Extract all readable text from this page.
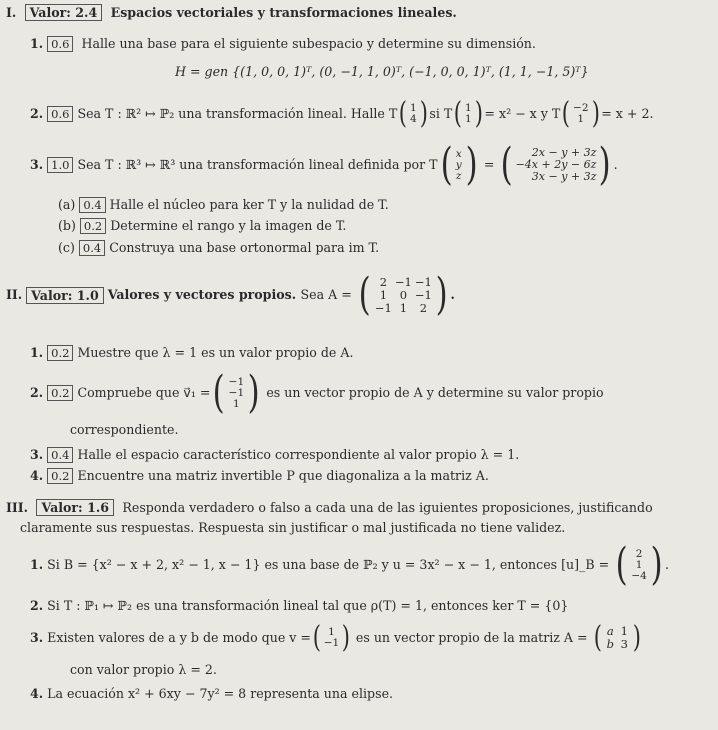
I. Valor: 2.4 Espacios vectoriales y transformaciones lineales.
1. 0.6 Halle una base para el siguiente subespacio y determine su dimensión.
H = gen {(1, 0, 0, 1)ᵀ, (0, −1, 1, 0)ᵀ, (−1, 0, 0, 1)ᵀ, (1, 1, −1, 5)ᵀ}
2.
0.6 Sea T : ℝ² ↦ ℙ₂ una transformación lineal. Halle T ( 1
4 ) si T ( 1
1 ) = x² − x y T ( −2
1 ) = x + 2.
3.
1.0 Sea T : ℝ³ ↦ ℝ³ una transformación lineal definida por T ( x
y
z ) = ( 2x − y + 3z
−4x + 2y − 6z
3x − y + 3z ) .
(a) 0.4 Halle el núcleo para ker T y la nulidad de T.
(b) 0.2 Determine el rango y la imagen de T.
(c) 0.4 Construya una base ortonormal para im T.
II. Valor: 1.0 Valores y vectores propios.
Sea A =
( 2 −1 −1
1	0 −1
−1 1	2 ) .
1. 0.2 Muestre que λ = 1 es un valor propio de A.
2.
0.2 Compruebe que v⃗₁ = ( −1
−1
1 )
es un vector propio de A y determine su valor propio
correspondiente.
3. 0.4 Halle el espacio característico correspondiente al valor propio λ = 1.
4. 0.2 Encuentre una matriz invertible P que diagonaliza a la matriz A.
III. Valor: 1.6 Responda verdadero o falso a cada una de las iguientes proposiciones, justificando
claramente sus respuestas. Respuesta sin justificar o mal justificada no tiene validez.
1.
Si B = {x² − x + 2, x² − 1, x − 1} es una base de ℙ₂ y u = 3x² − x − 1, entonces [u]_B =
( 2
1
−4 ) .
2. Si T : ℙ₁ ↦ ℙ₂ es una transformación lineal tal que ρ(T) = 1, entonces ker T = {0}
3.
Existen valores de a y b de modo que v = ( 1
−1 )
es un vector propio de la matriz A =
( a 1
b 3 )
con valor propio λ = 2.
4. La ecuación x² + 6xy − 7y² = 8 representa una elipse.
